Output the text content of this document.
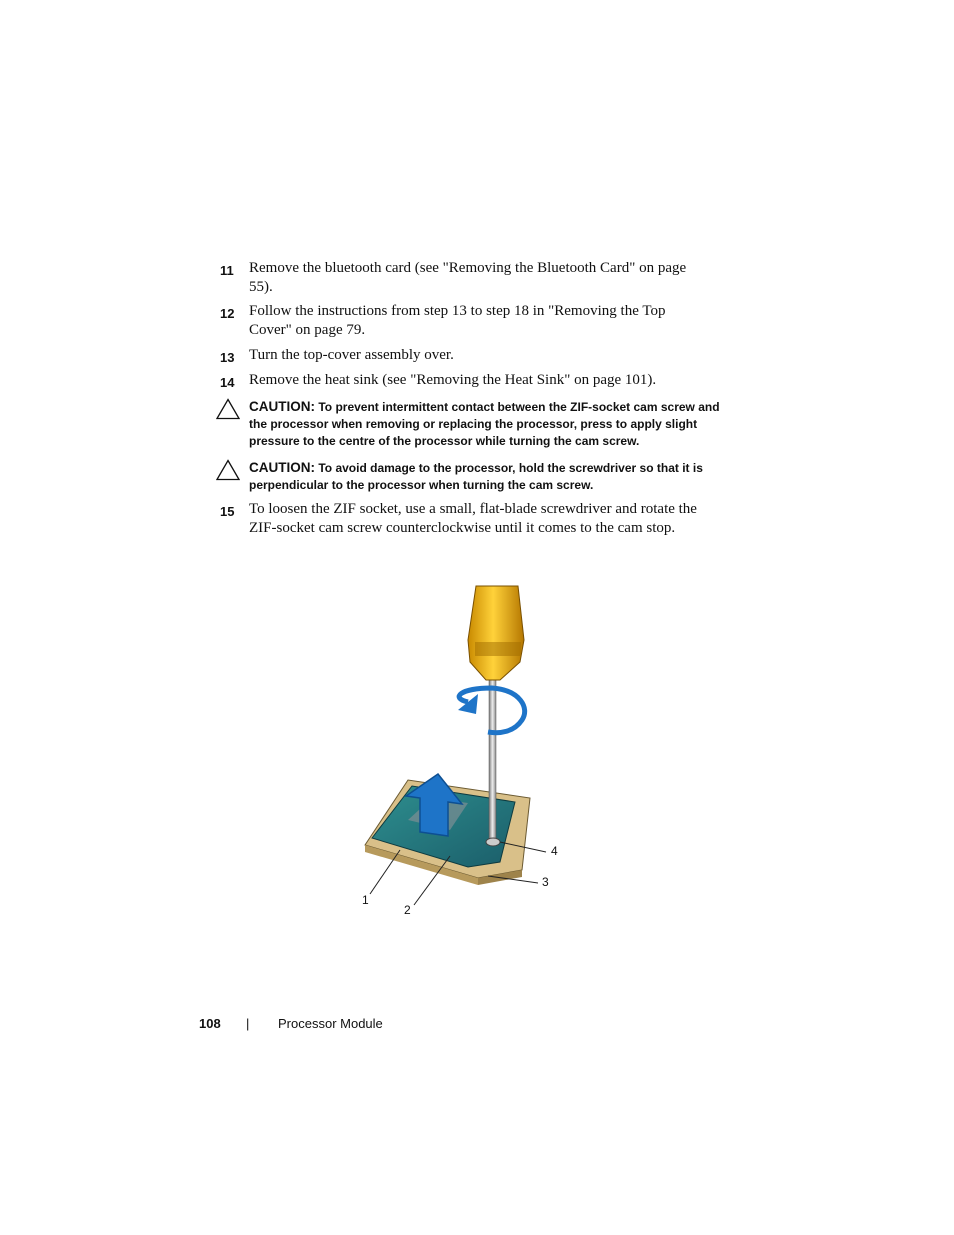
11 Remove the bluetooth card (see "Removing the Bluetooth Card" on page 55).
12 Follow the instructions from step 13 to step 18 in "Removing the Top Cover" on page 79.
13 Turn the top-cover assembly over.
14 Remove the heat sink (see "Removing the Heat Sink" on page 101).
CAUTION: To prevent intermittent contact between the ZIF-socket cam screw and the processor when removing or replacing the processor, press to apply slight pressure to the centre of the processor while turning the cam screw.
CAUTION: To avoid damage to the processor, hold the screwdriver so that it is perpendicular to the processor when turning the cam screw.
15 To loosen the ZIF socket, use a small, flat-blade screwdriver and rotate the ZIF-socket cam screw counterclockwise until it comes to the cam stop.
1
2
3
4
108 | Processor Module
